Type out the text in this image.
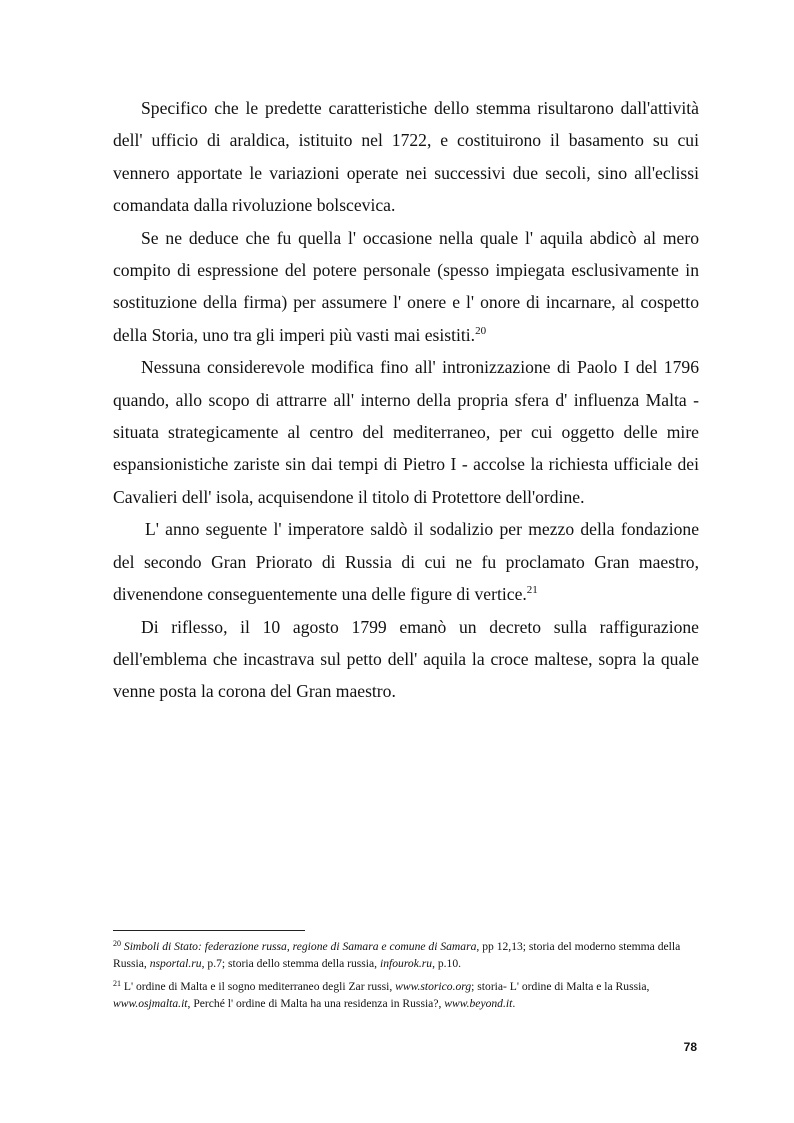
Specifico che le predette caratteristiche dello stemma risultarono dall'attività dell' ufficio di araldica, istituito nel 1722, e costituirono il basamento su cui vennero apportate le variazioni operate nei successivi due secoli, sino all'eclissi comandata dalla rivoluzione bolscevica.

Se ne deduce che fu quella l' occasione nella quale l' aquila abdicò al mero compito di espressione del potere personale (spesso impiegata esclusivamente in sostituzione della firma) per assumere l' onere e l' onore di incarnare, al cospetto della Storia, uno tra gli imperi più vasti mai esistiti.$^{20}$

Nessuna considerevole modifica fino all' intronizzazione di Paolo I del 1796 quando, allo scopo di attrarre all' interno della propria sfera d' influenza Malta - situata strategicamente al centro del mediterraneo, per cui oggetto delle mire espansionistiche zariste sin dai tempi di Pietro I - accolse la richiesta ufficiale dei Cavalieri dell' isola, acquisendone il titolo di Protettore dell'ordine.

L' anno seguente l' imperatore saldò il sodalizio per mezzo della fondazione del secondo Gran Priorato di Russia di cui ne fu proclamato Gran maestro, divenendone conseguentemente una delle figure di vertice.$^{21}$

Di riflesso, il 10 agosto 1799 emanò un decreto sulla raffigurazione dell'emblema che incastrava sul petto dell' aquila la croce maltese, sopra la quale venne posta la corona del Gran maestro.

$^{20}$ Simboli di Stato: federazione russa, regione di Samara e comune di Samara, pp 12,13; storia del moderno stemma della Russia, nsportal.ru, p.7; storia dello stemma della russia, infourok.ru, p.10.

$^{21}$ L' ordine di Malta e il sogno mediterraneo degli Zar russi, www.storico.org; storia- L' ordine di Malta e la Russia, www.osjmalta.it, Perché l' ordine di Malta ha una residenza in Russia?, www.beyond.it.

78
